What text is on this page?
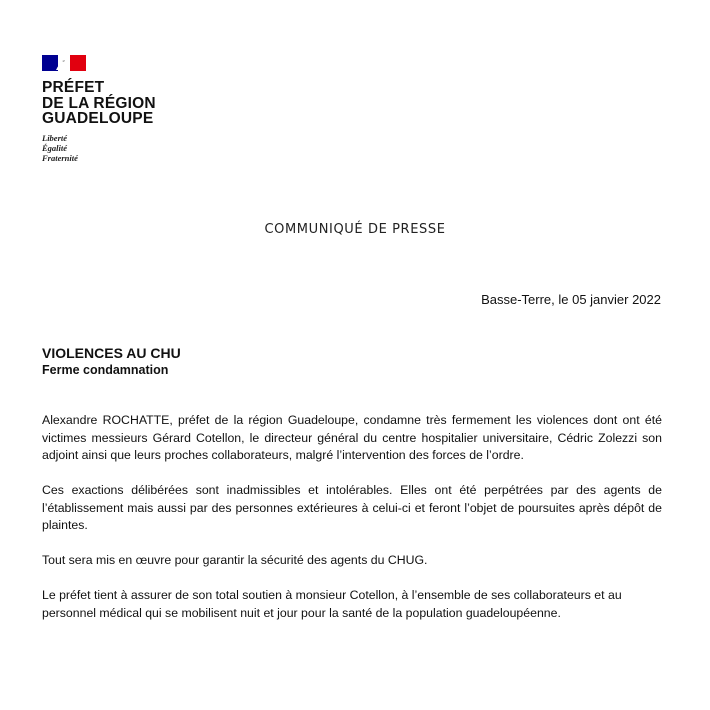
PRÉFET
DE LA RÉGION
GUADELOUPE
Liberté
Égalité
Fraternité
COMMUNIQUÉ DE PRESSE
Basse-Terre, le 05 janvier 2022
VIOLENCES AU CHU
Ferme condamnation

Alexandre ROCHATTE, préfet de la région Guadeloupe, condamne très fermement les violences dont ont été victimes messieurs Gérard Cotellon, le directeur général du centre hospitalier universitaire, Cédric Zolezzi son adjoint ainsi que leurs proches collaborateurs, malgré l’intervention des forces de l’ordre.

Ces exactions délibérées sont inadmissibles et intolérables. Elles ont été perpétrées par des agents de l’établissement mais aussi par des personnes extérieures à celui-ci et feront l’objet de poursuites après dépôt de plaintes.

Tout sera mis en œuvre pour garantir la sécurité des agents du CHUG.

Le préfet tient à assurer de son total soutien à monsieur Cotellon, à l’ensemble de ses collaborateurs et au personnel médical qui se mobilisent nuit et jour pour la santé de la population guadeloupéenne.
